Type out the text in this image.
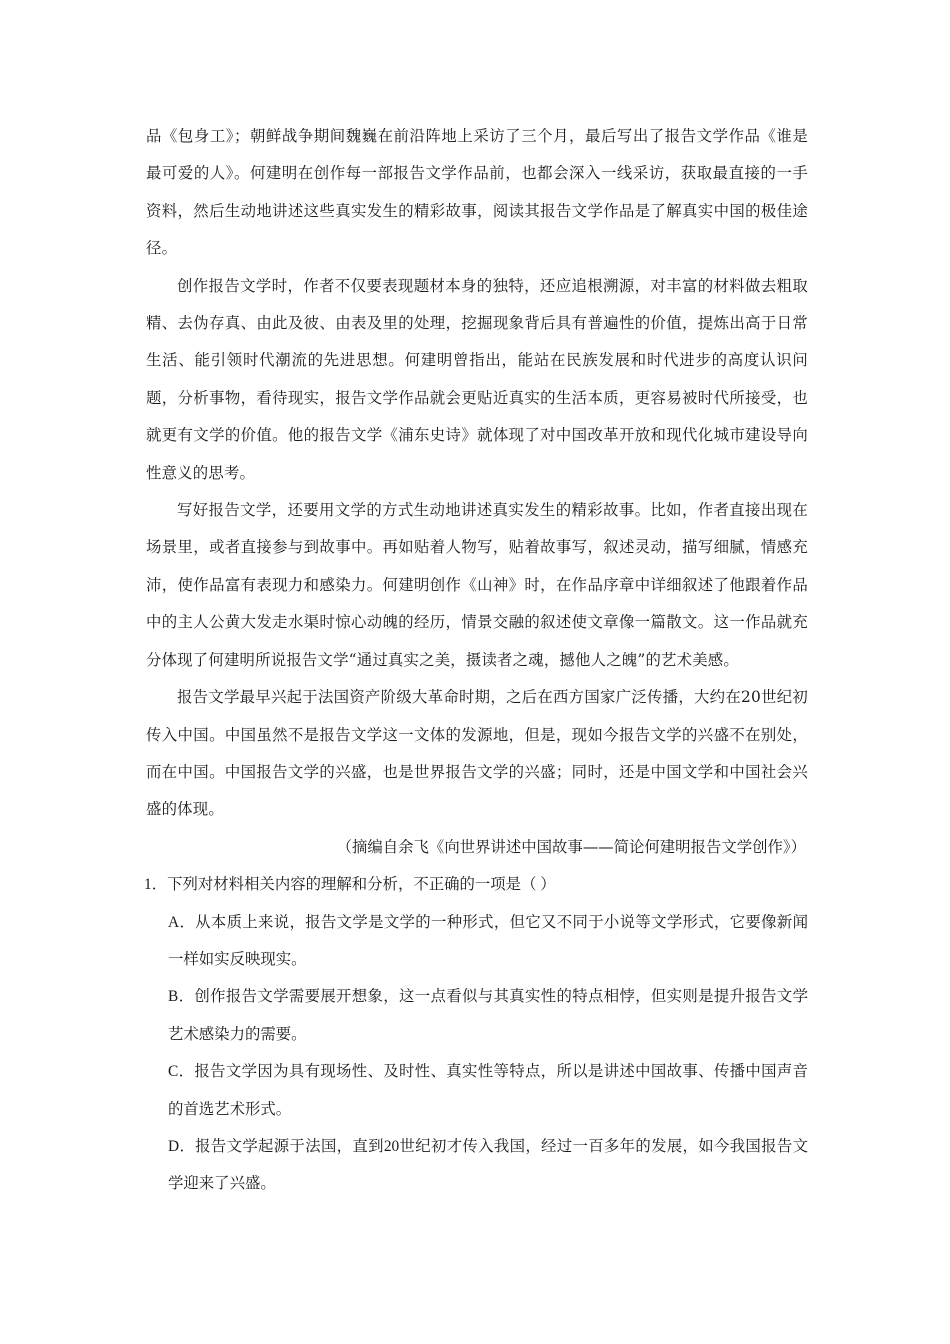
品《包身工》；朝鲜战争期间魏巍在前沿阵地上采访了三个月，最后写出了报告文学作品《谁是最可爱的人》。何建明在创作每一部报告文学作品前，也都会深入一线采访，获取最直接的一手资料，然后生动地讲述这些真实发生的精彩故事，阅读其报告文学作品是了解真实中国的极佳途径。

创作报告文学时，作者不仅要表现题材本身的独特，还应追根溯源，对丰富的材料做去粗取精、去伪存真、由此及彼、由表及里的处理，挖掘现象背后具有普遍性的价值，提炼出高于日常生活、能引领时代潮流的先进思想。何建明曾指出，能站在民族发展和时代进步的高度认识问题，分析事物，看待现实，报告文学作品就会更贴近真实的生活本质，更容易被时代所接受，也就更有文学的价值。他的报告文学《浦东史诗》就体现了对中国改革开放和现代化城市建设导向性意义的思考。

写好报告文学，还要用文学的方式生动地讲述真实发生的精彩故事。比如，作者直接出现在场景里，或者直接参与到故事中。再如贴着人物写，贴着故事写，叙述灵动，描写细腻，情感充沛，使作品富有表现力和感染力。何建明创作《山神》时，在作品序章中详细叙述了他跟着作品中的主人公黄大发走水渠时惊心动魄的经历，情景交融的叙述使文章像一篇散文。这一作品就充分体现了何建明所说报告文学“通过真实之美，摄读者之魂，撼他人之魄”的艺术美感。

报告文学最早兴起于法国资产阶级大革命时期，之后在西方国家广泛传播，大约在20世纪初传入中国。中国虽然不是报告文学这一文体的发源地，但是，现如今报告文学的兴盛不在别处，而在中国。中国报告文学的兴盛，也是世界报告文学的兴盛；同时，还是中国文学和中国社会兴盛的体现。

（摘编自余飞《向世界讲述中国故事——简论何建明报告文学创作》）

1．下列对材料相关内容的理解和分析，不正确的一项是（ ）

A．从本质上来说，报告文学是文学的一种形式，但它又不同于小说等文学形式，它要像新闻一样如实反映现实。

B．创作报告文学需要展开想象，这一点看似与其真实性的特点相悖，但实则是提升报告文学艺术感染力的需要。

C．报告文学因为具有现场性、及时性、真实性等特点，所以是讲述中国故事、传播中国声音的首选艺术形式。

D．报告文学起源于法国，直到20世纪初才传入我国，经过一百多年的发展，如今我国报告文学迎来了兴盛。
